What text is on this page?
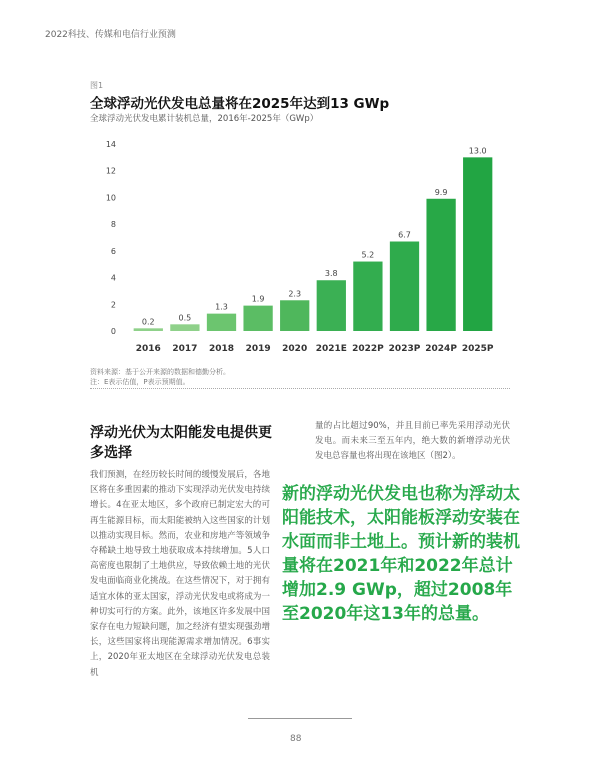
2022科技、传媒和电信行业预测
图1
全球浮动光伏发电总量将在2025年达到13 GWp
全球浮动光伏发电累计装机总量，2016年-2025年（GWp）
0
2
4
6
8
10
12
14
0.2
2016
0.5
2017
1.3
2018
1.9
2019
2.3
2020
3.8
2021E
5.2
2022P
6.7
2023P
9.9
2024P
13.0
2025P
资料来源：基于公开来源的数据和德勤分析。
注：E表示估值，P表示预期值。
浮动光伏为太阳能发电提供更多选择
我们预测，在经历较长时间的缓慢发展后，各地区将在多重因素的推动下实现浮动光伏发电持续增长。4在亚太地区，多个政府已制定宏大的可再生能源目标，而太阳能被纳入这些国家的计划以推动实现目标。然而，农业和房地产等领域争夺稀缺土地导致土地获取成本持续增加。5人口高密度也限制了土地供应，导致依赖土地的光伏发电面临商业化挑战。在这些情况下，对于拥有适宜水体的亚太国家，浮动光伏发电或将成为一种切实可行的方案。此外，该地区许多发展中国家存在电力短缺问题，加之经济有望实现强劲增长，这些国家将出现能源需求增加情况。6事实上，2020年亚太地区在全球浮动光伏发电总装机
量的占比超过90%，并且目前已率先采用浮动光伏发电。而未来三至五年内，绝大数的新增浮动光伏发电总容量也将出现在该地区（图2）。
新的浮动光伏发电也称为浮动太阳能技术，太阳能板浮动安装在水面而非土地上。预计新的装机量将在2021年和2022年总计增加2.9 GWp，超过2008年至2020年这13年的总量。
88
